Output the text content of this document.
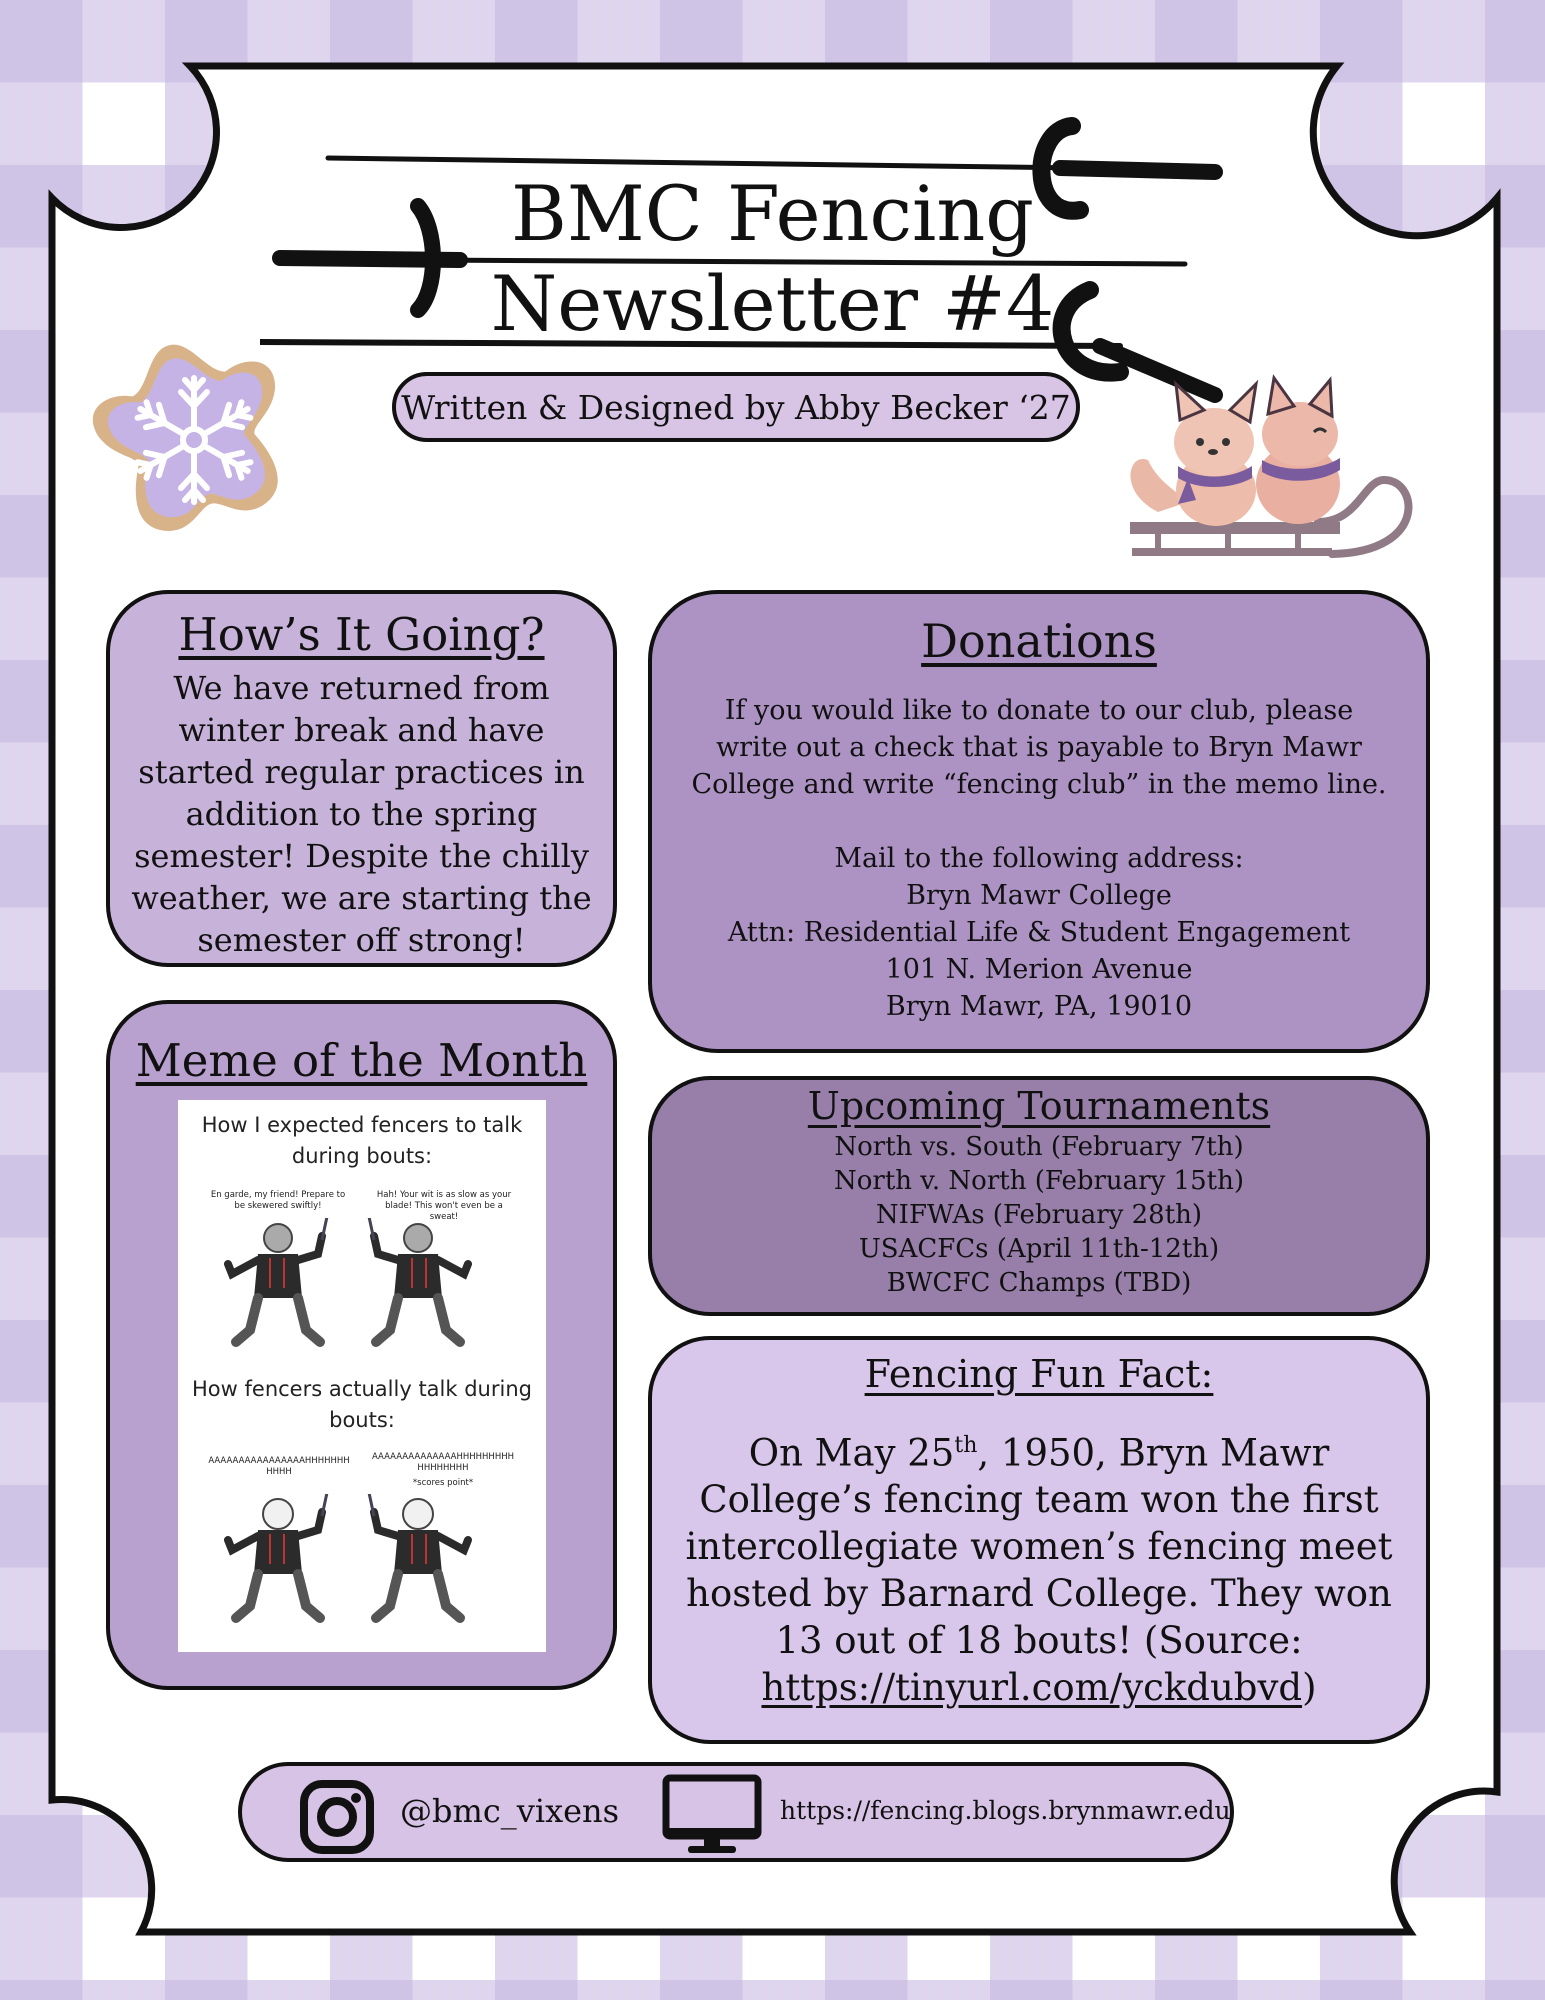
BMC Fencing
Newsletter #4
Written & Designed by Abby Becker ‘27
How’s It Going?

We have returned from winter break and have started regular practices in addition to the spring semester! Despite the chilly weather, we are starting the semester off strong!

Donations
If you would like to donate to our club, please write out a check that is payable to Bryn Mawr College and write “fencing club” in the memo line.
Mail to the following address:
Bryn Mawr College
Attn: Residential Life & Student Engagement
101 N. Merion Avenue
Bryn Mawr, PA, 19010
Meme of the Month
How I expected fencers to talk during bouts:
En garde, my friend! Prepare to be skewered swiftly!
Hah! Your wit is as slow as your blade! This won't even be a sweat!
How fencers actually talk during bouts:
AAAAAAAAAAAAAAAAHHHHHHHHHHH
AAAAAAAAAAAAAAHHHHHHHHHHHHHHHHH
*scores point*
Upcoming Tournaments
North vs. South (February 7th)
North v. North (February 15th)
NIFWAs (February 28th)
USACFCs (April 11th-12th)
BWCFC Champs (TBD)
Fencing Fun Fact:

On May 25th, 1950, Bryn Mawr College’s fencing team won the first intercollegiate women’s fencing meet hosted by Barnard College. They won 13 out of 18 bouts! (Source: https://tinyurl.com/yckdubvd)

@bmc_vixens	https://fencing.blogs.brynmawr.edu
